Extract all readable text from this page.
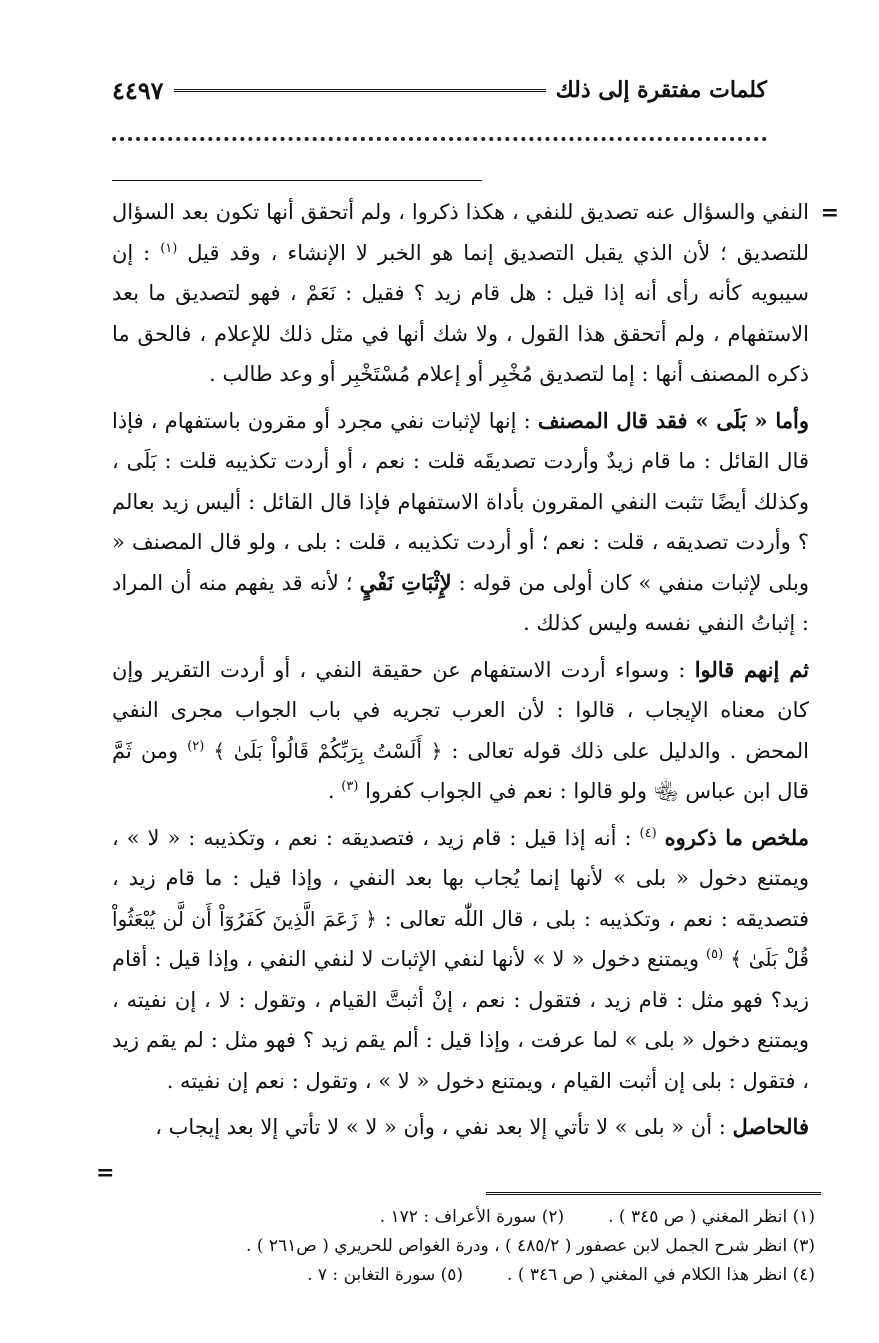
كلمات مفتقرة إلى ذلك
٤٤٩٧
=

النفي والسؤال عنه تصديق للنفي ، هكذا ذكروا ، ولم أتحقق أنها تكون بعد السؤال للتصديق ؛ لأن الذي يقبل التصديق إنما هو الخبر لا الإنشاء ، وقد قيل $^{(١)}$ : إن سيبويه كأنه رأى أنه إذا قيل : هل قام زيد ؟ فقيل : نَعَمْ ، فهو لتصديق ما بعد الاستفهام ، ولم أتحقق هذا القول ، ولا شك أنها في مثل ذلك للإعلام ، فالحق ما ذكره المصنف أنها : إما لتصديق مُخْبِر أو إعلام مُسْتَخْبِر أو وعد طالب .

وأما « بَلَى » فقد قال المصنف : إنها لإثبات نفي مجرد أو مقرون باستفهام ، فإذا قال القائل : ما قام زيدٌ وأردت تصديقَه قلت : نعم ، أو أردت تكذيبه قلت : بَلَى ، وكذلك أيضًا تثبت النفي المقرون بأداة الاستفهام فإذا قال القائل : أليس زيد بعالم ؟ وأردت تصديقه ، قلت : نعم ؛ أو أردت تكذيبه ، قلت : بلى ، ولو قال المصنف « وبلى لإثبات منفي » كان أولى من قوله : لإِثْبَاتِ نَفْيٍ ؛ لأنه قد يفهم منه أن المراد : إثباتُ النفي نفسه وليس كذلك .

ثم إنهم قالوا : وسواء أردت الاستفهام عن حقيقة النفي ، أو أردت التقرير وإن كان معناه الإيجاب ، قالوا : لأن العرب تجريه في باب الجواب مجرى النفي المحض . والدليل على ذلك قوله تعالى : ﴿ أَلَسْتُ بِرَبِّكُمْ قَالُواْ بَلَىٰ ﴾ $^{(٢)}$ ومن ثَمَّ قال ابن عباس ﵄ ولو قالوا : نعم في الجواب كفروا $^{(٣)}$ .

ملخص ما ذكروه $^{(٤)}$ : أنه إذا قيل : قام زيد ، فتصديقه : نعم ، وتكذيبه : « لا » ، ويمتنع دخول « بلى » لأنها إنما يُجاب بها بعد النفي ، وإذا قيل : ما قام زيد ، فتصديقه : نعم ، وتكذيبه : بلى ، قال اللّٰه تعالى : ﴿ زَعَمَ الَّذِينَ كَفَرُوٓاْ أَن لَّن يُبْعَثُواْ قُلْ بَلَىٰ ﴾ $^{(٥)}$ ويمتنع دخول « لا » لأنها لنفي الإثبات لا لنفي النفي ، وإذا قيل : أقام زيد؟ فهو مثل : قام زيد ، فتقول : نعم ، إنْ أثبتَّ القيام ، وتقول : لا ، إن نفيته ، ويمتنع دخول « بلى » لما عرفت ، وإذا قيل : ألم يقم زيد ؟ فهو مثل : لم يقم زيد ، فتقول : بلى إن أثبت القيام ، ويمتنع دخول « لا » ، وتقول : نعم إن نفيته .

فالحاصل : أن « بلى » لا تأتي إلا بعد نفي ، وأن « لا » لا تأتي إلا بعد إيجاب ،

=
(١) انظر المغني ( ص ٣٤٥ ) .
(٢) سورة الأعراف : ١٧٢ .
(٣) انظر شرح الجمل لابن عصفور ( ٤٨٥/٢ ) ، ودرة الغواص للحريري ( ص٢٦١ ) .
(٤) انظر هذا الكلام في المغني ( ص ٣٤٦ ) .
(٥) سورة التغابن : ٧ .
